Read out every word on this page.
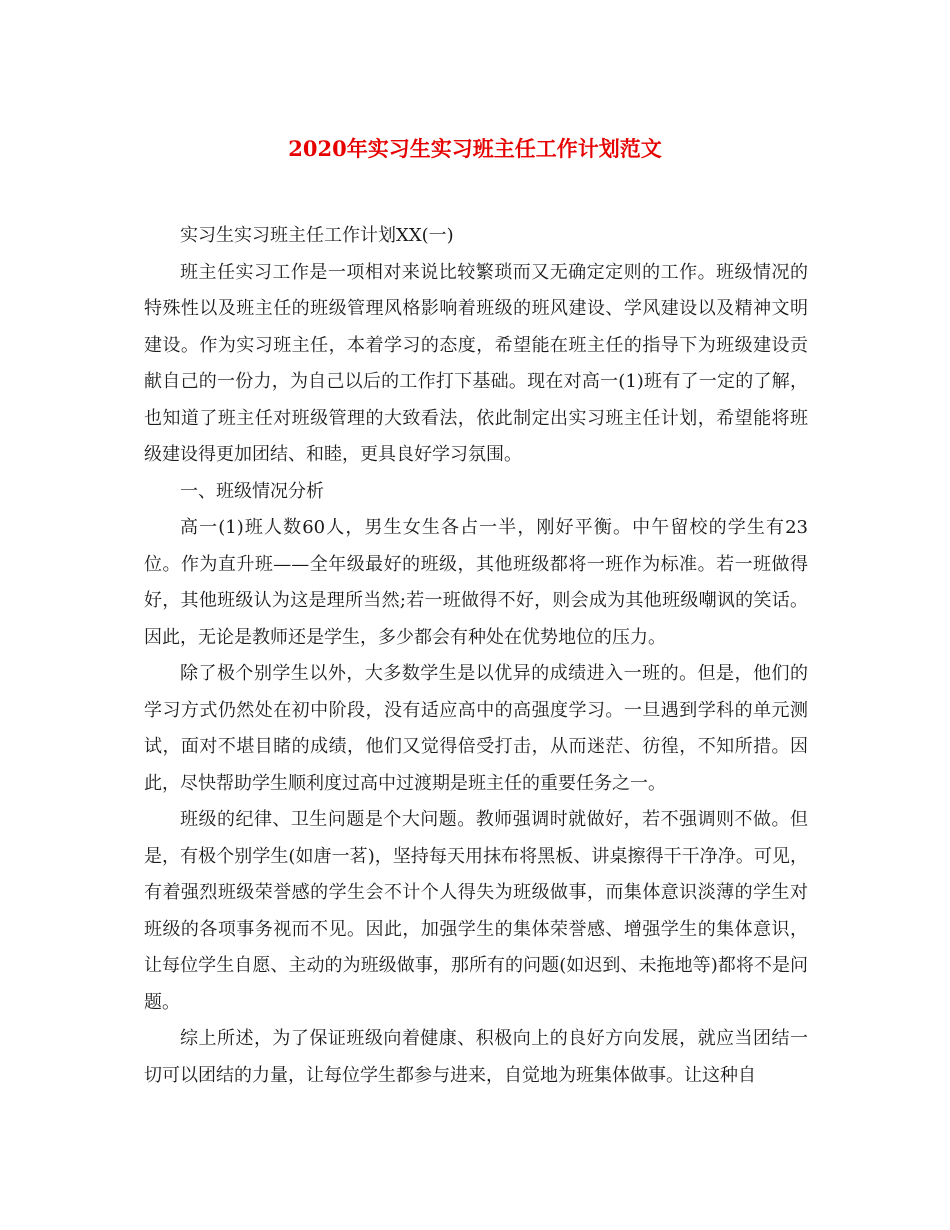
2020年实习生实习班主任工作计划范文

实习生实习班主任工作计划XX(一)

班主任实习工作是一项相对来说比较繁琐而又无确定定则的工作。班级情况的特殊性以及班主任的班级管理风格影响着班级的班风建设、学风建设以及精神文明建设。作为实习班主任，本着学习的态度，希望能在班主任的指导下为班级建设贡献自己的一份力，为自己以后的工作打下基础。现在对高一(1)班有了一定的了解，也知道了班主任对班级管理的大致看法，依此制定出实习班主任计划，希望能将班级建设得更加团结、和睦，更具良好学习氛围。

一、班级情况分析

高一(1)班人数60人，男生女生各占一半，刚好平衡。中午留校的学生有23位。作为直升班——全年级最好的班级，其他班级都将一班作为标准。若一班做得好，其他班级认为这是理所当然;若一班做得不好，则会成为其他班级嘲讽的笑话。因此，无论是教师还是学生，多少都会有种处在优势地位的压力。

除了极个别学生以外，大多数学生是以优异的成绩进入一班的。但是，他们的学习方式仍然处在初中阶段，没有适应高中的高强度学习。一旦遇到学科的单元测试，面对不堪目睹的成绩，他们又觉得倍受打击，从而迷茫、彷徨，不知所措。因此，尽快帮助学生顺利度过高中过渡期是班主任的重要任务之一。

班级的纪律、卫生问题是个大问题。教师强调时就做好，若不强调则不做。但是，有极个别学生(如唐一茗)，坚持每天用抹布将黑板、讲桌擦得干干净净。可见，有着强烈班级荣誉感的学生会不计个人得失为班级做事，而集体意识淡薄的学生对班级的各项事务视而不见。因此，加强学生的集体荣誉感、增强学生的集体意识，让每位学生自愿、主动的为班级做事，那所有的问题(如迟到、未拖地等)都将不是问题。

综上所述，为了保证班级向着健康、积极向上的良好方向发展，就应当团结一切可以团结的力量，让每位学生都参与进来，自觉地为班集体做事。让这种自
